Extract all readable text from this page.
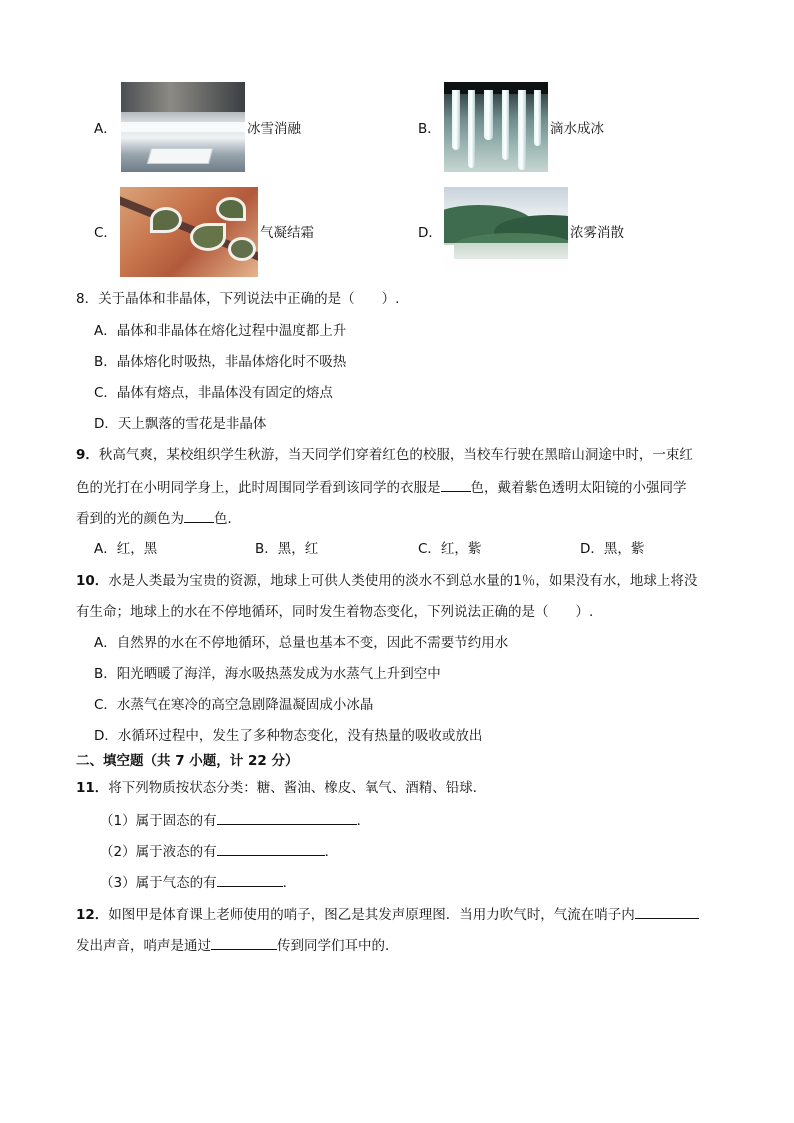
A．	冰雪消融	B．	滴水成冰
C．	气凝结霜	D．	浓雾消散
8．关于晶体和非晶体，下列说法中正确的是（　　）.
A．晶体和非晶体在熔化过程中温度都上升
B．晶体熔化时吸热，非晶体熔化时不吸热
C．晶体有熔点，非晶体没有固定的熔点
D．天上飘落的雪花是非晶体
9．秋高气爽，某校组织学生秋游，当天同学们穿着红色的校服，当校车行驶在黑暗山洞途中时，一束红
色的光打在小明同学身上，此时周围同学看到该同学的衣服是 色，戴着紫色透明太阳镜的小强同学
看到的光的颜色为 色．
A．红，黑	B．黑，红	C．红，紫	D．黑，紫
10．水是人类最为宝贵的资源，地球上可供人类使用的淡水不到总水量的1％，如果没有水，地球上将没
有生命；地球上的水在不停地循环，同时发生着物态变化，下列说法正确的是（　　）.
A．自然界的水在不停地循环，总量也基本不变，因此不需要节约用水
B．阳光晒暖了海洋，海水吸热蒸发成为水蒸气上升到空中
C．水蒸气在寒冷的高空急剧降温凝固成小冰晶
D．水循环过程中，发生了多种物态变化，没有热量的吸收或放出
二、填空题（共 7 小题，计 22 分）
11．将下列物质按状态分类：糖、酱油、橡皮、氧气、酒精、铅球．
（1）属于固态的有	．
（2）属于液态的有	．
（3）属于气态的有	．
12．如图甲是体育课上老师使用的哨子，图乙是其发声原理图．当用力吹气时，气流在哨子内
发出声音，哨声是通过	传到同学们耳中的．
